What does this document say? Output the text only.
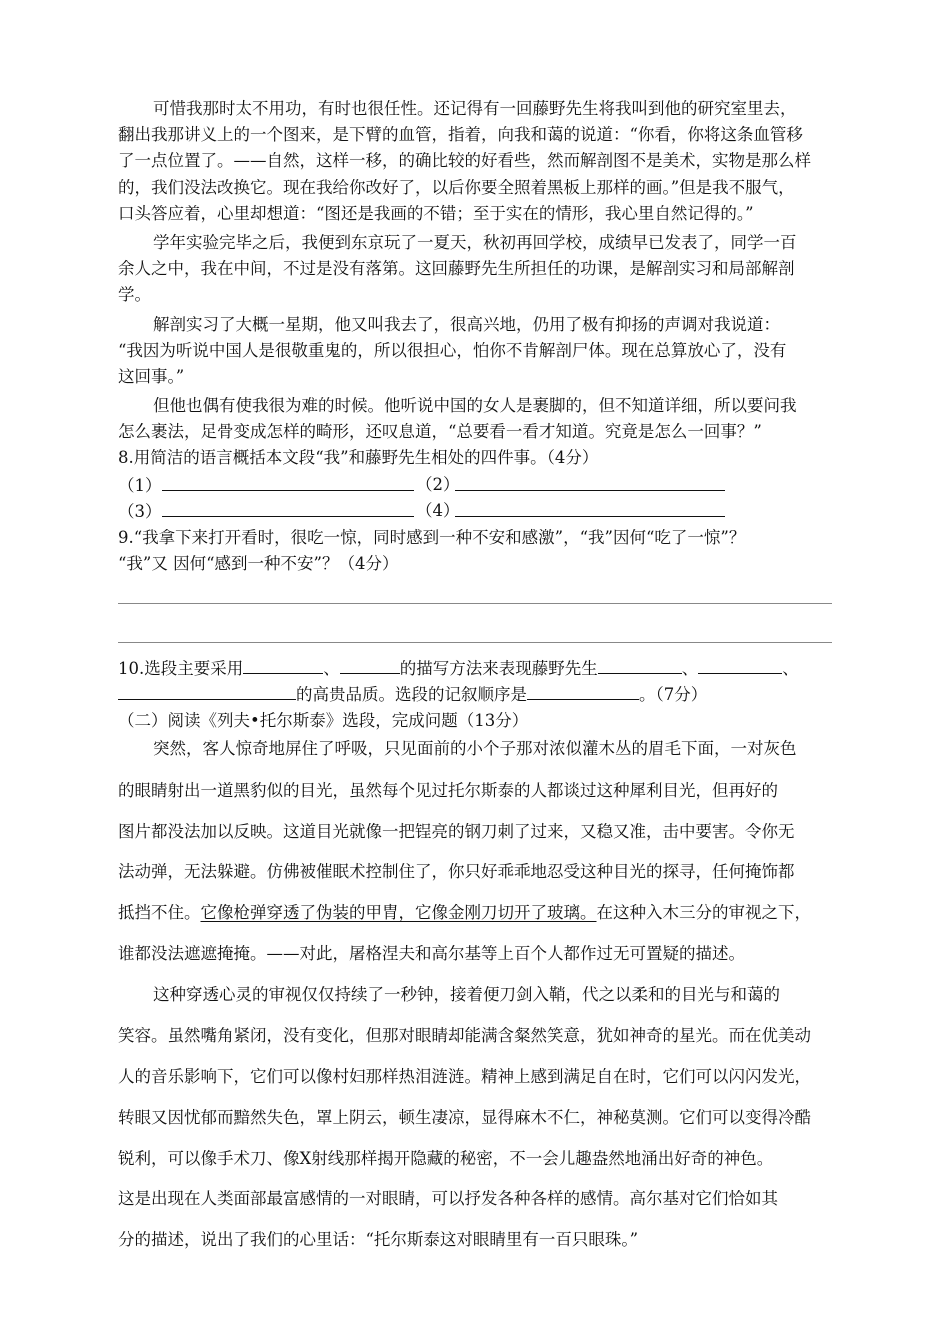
可惜我那时太不用功，有时也很任性。还记得有一回藤野先生将我叫到他的研究室里去，

翻出我那讲义上的一个图来，是下臂的血管，指着，向我和蔼的说道：“你看，你将这条血管移

了一点位置了。——自然，这样一移，的确比较的好看些，然而解剖图不是美术，实物是那么样

的，我们没法改换它。现在我给你改好了，以后你要全照着黑板上那样的画。”但是我不服气，

口头答应着，心里却想道：“图还是我画的不错；至于实在的情形，我心里自然记得的。”

学年实验完毕之后，我便到东京玩了一夏天，秋初再回学校，成绩早已发表了，同学一百

余人之中，我在中间，不过是没有落第。这回藤野先生所担任的功课，是解剖实习和局部解剖

学。

解剖实习了大概一星期，他又叫我去了，很高兴地，仍用了极有抑扬的声调对我说道：

“我因为听说中国人是很敬重鬼的，所以很担心，怕你不肯解剖尸体。现在总算放心了，没有

这回事。”

但他也偶有使我很为难的时候。他听说中国的女人是裹脚的，但不知道详细，所以要问我

怎么裹法，足骨变成怎样的畸形，还叹息道，“总要看一看才知道。究竟是怎么一回事？”

8.用简洁的语言概括本文段“我”和藤野先生相处的四件事。（4分）

（1）	（2）
（3）	（4）

9.“我拿下来打开看时，很吃一惊，同时感到一种不安和感激”，“我”因何“吃了一惊”？

“我”又 因何“感到一种不安”？（4分）

10.选段主要采用	、	的描写方法来表现藤野先生	、	、
的高贵品质。选段的记叙顺序是	。（7分）

（二）阅读《列夫•托尔斯泰》选段，完成问题（13分）

突然，客人惊奇地屏住了呼吸，只见面前的小个子那对浓似灌木丛的眉毛下面，一对灰色

的眼睛射出一道黑豹似的目光，虽然每个见过托尔斯泰的人都谈过这种犀利目光，但再好的

图片都没法加以反映。这道目光就像一把锃亮的钢刀刺了过来，又稳又准，击中要害。令你无

法动弹，无法躲避。仿佛被催眠术控制住了，你只好乖乖地忍受这种目光的探寻，任何掩饰都

抵挡不住。它像枪弹穿透了伪装的甲胄，它像金刚刀切开了玻璃。在这种入木三分的审视之下，

谁都没法遮遮掩掩。——对此，屠格涅夫和高尔基等上百个人都作过无可置疑的描述。

这种穿透心灵的审视仅仅持续了一秒钟，接着便刀剑入鞘，代之以柔和的目光与和蔼的

笑容。虽然嘴角紧闭，没有变化，但那对眼睛却能满含粲然笑意，犹如神奇的星光。而在优美动

人的音乐影响下，它们可以像村妇那样热泪涟涟。精神上感到满足自在时，它们可以闪闪发光，

转眼又因忧郁而黯然失色，罩上阴云，顿生凄凉，显得麻木不仁，神秘莫测。它们可以变得冷酷

锐利，可以像手术刀、像X射线那样揭开隐藏的秘密，不一会儿趣盎然地涌出好奇的神色。

这是出现在人类面部最富感情的一对眼睛，可以抒发各种各样的感情。高尔基对它们恰如其

分的描述，说出了我们的心里话：“托尔斯泰这对眼睛里有一百只眼珠。”
